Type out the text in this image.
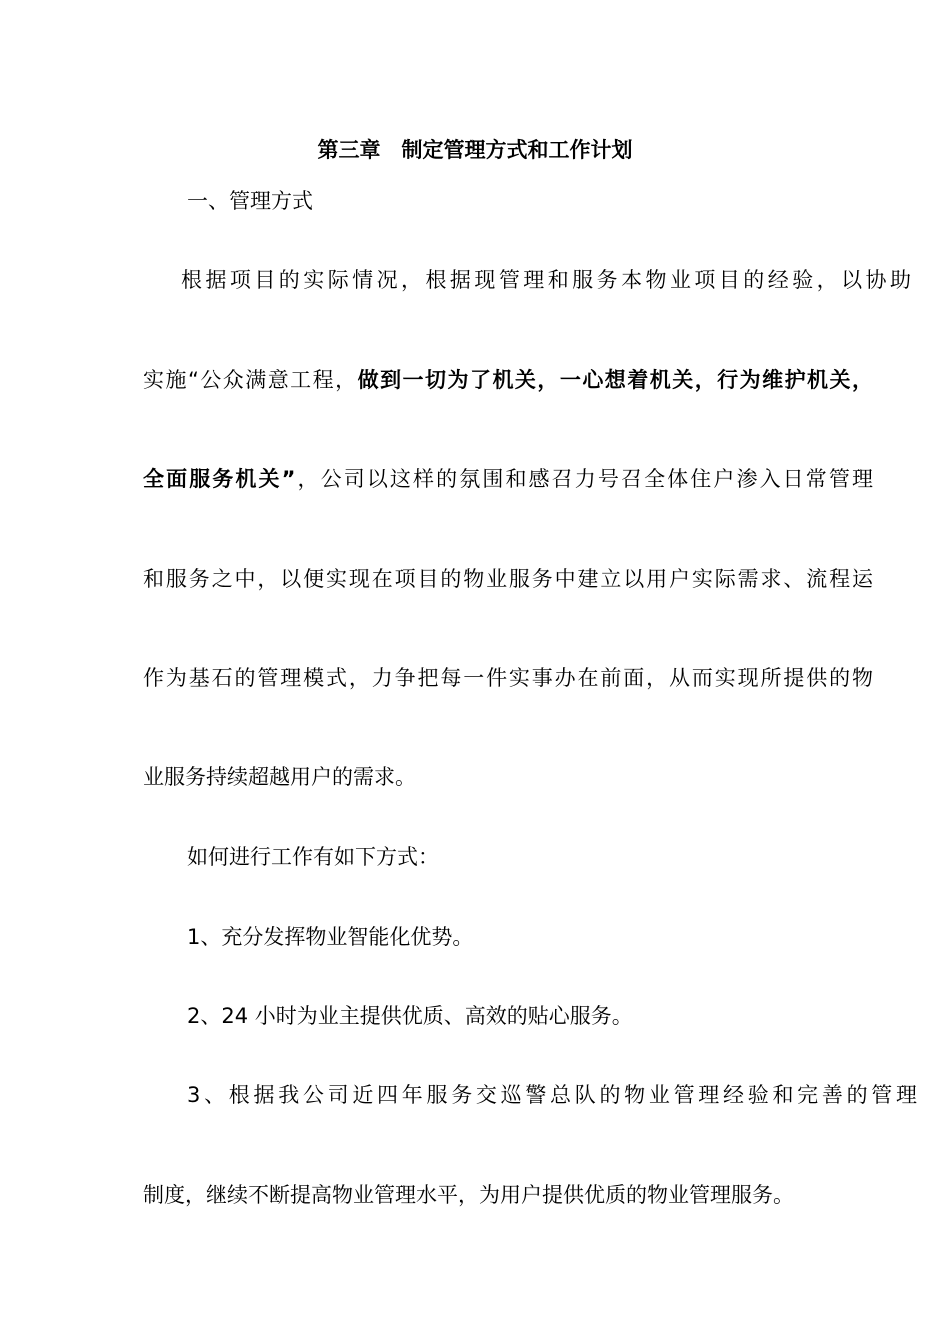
第三章　制定管理方式和工作计划
一、管理方式
根据项目的实际情况，根据现管理和服务本物业项目的经验，以协助
实施“公众满意工程，做到一切为了机关，一心想着机关，行为维护机关，
全面服务机关”，公司以这样的氛围和感召力号召全体住户渗入日常管理
和服务之中，以便实现在项目的物业服务中建立以用户实际需求、流程运
作为基石的管理模式，力争把每一件实事办在前面，从而实现所提供的物
业服务持续超越用户的需求。
如何进行工作有如下方式：
1、充分发挥物业智能化优势。
2、24 小时为业主提供优质、高效的贴心服务。
3、根据我公司近四年服务交巡警总队的物业管理经验和完善的管理
制度，继续不断提高物业管理水平，为用户提供优质的物业管理服务。
